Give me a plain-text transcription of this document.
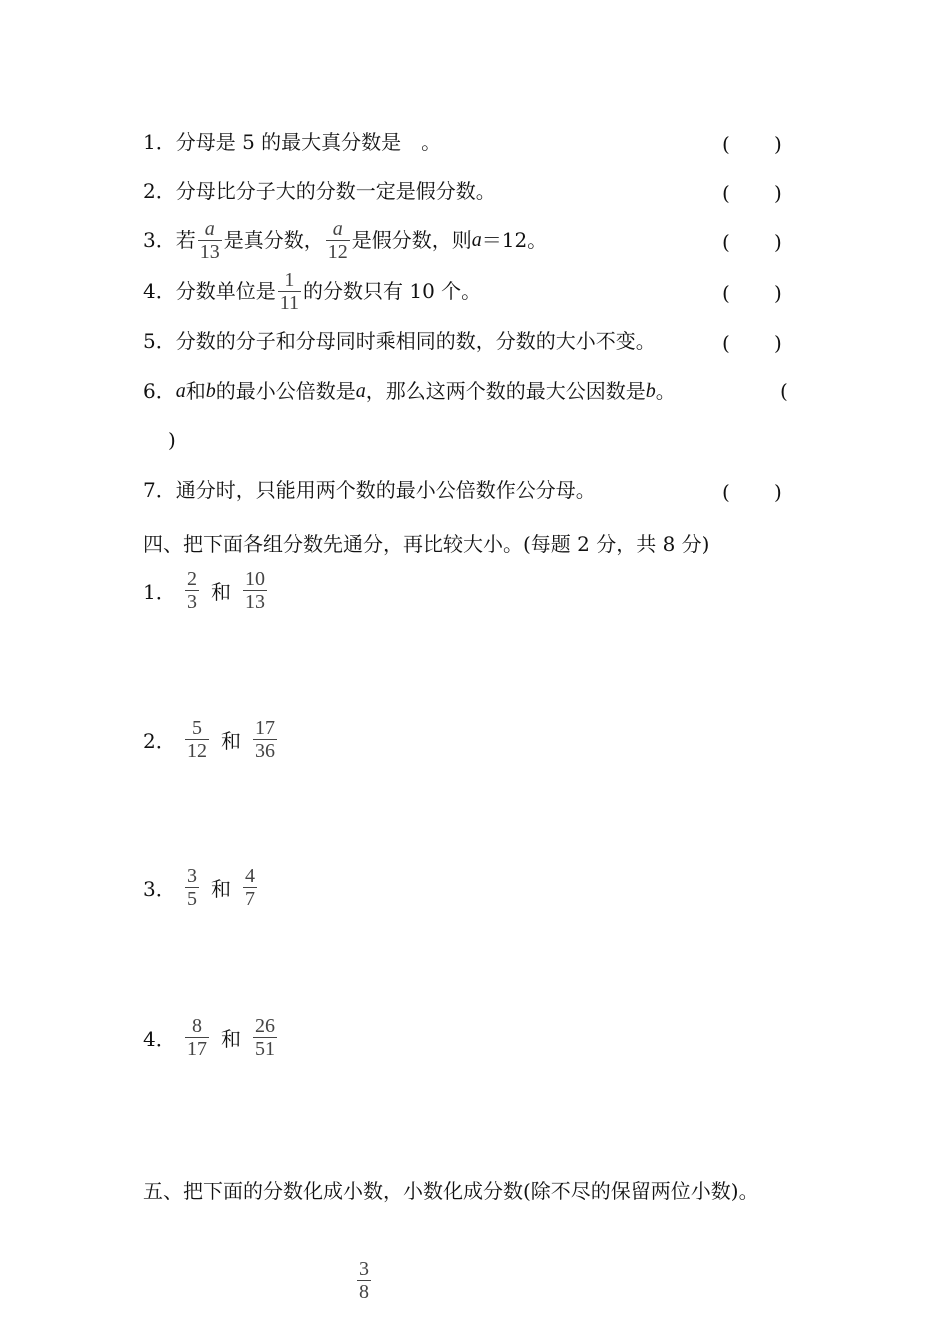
1． 分母是 5 的最大真分数是　。	( )
2． 分母比分子大的分数一定是假分数。	( )
3． 若 $\frac{a}{13}$ 是真分数， $\frac{a}{12}$ 是假分数，则 a ＝12。	( )
4． 分数单位是 $\frac{1}{11}$ 的分数只有 10 个。	( )
5． 分数的分子和分母同时乘相同的数，分数的大小不变。	( )
6． a 和 b 的最小公倍数是 a ，那么这两个数的最大公因数是 b 。	(
)
7． 通分时，只能用两个数的最小公倍数作公分母。	( )
四、把下面各组分数先通分，再比较大小。(每题 2 分，共 8 分)
1． $\frac{2}{3}$ 和 $\frac{10}{13}$
2． $\frac{5}{12}$ 和 $\frac{17}{36}$
3． $\frac{3}{5}$ 和 $\frac{4}{7}$
4． $\frac{8}{17}$ 和 $\frac{26}{51}$
五、把下面的分数化成小数，小数化成分数(除不尽的保留两位小数)。
$\frac{3}{8}$
